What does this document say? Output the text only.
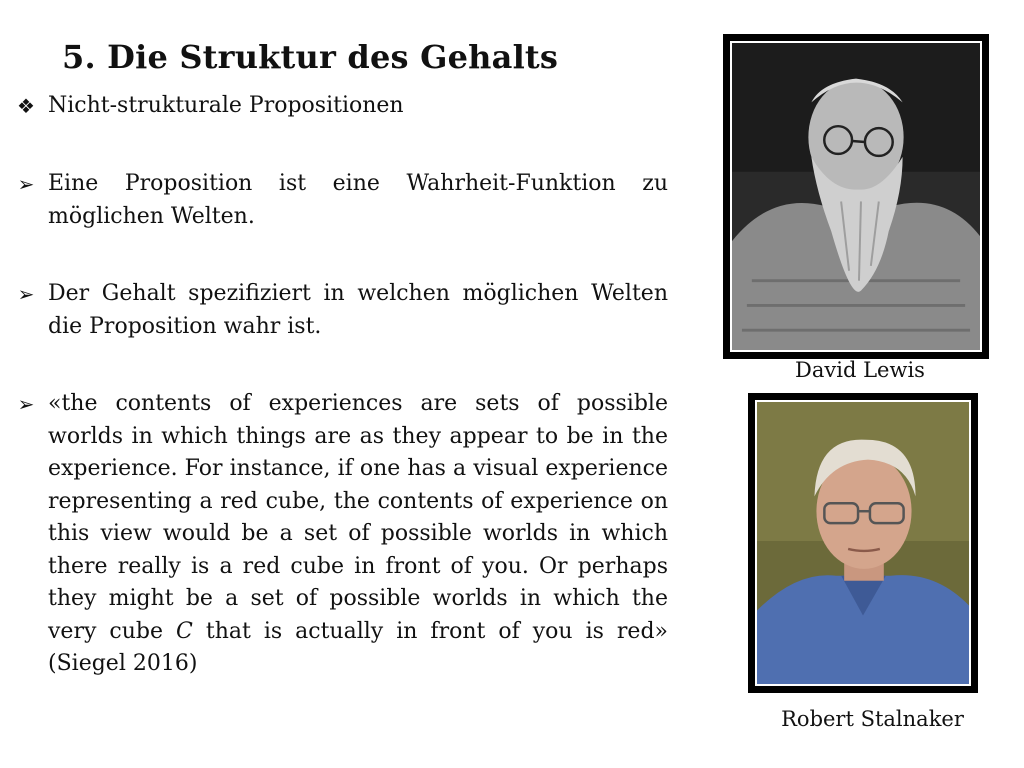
5. Die Struktur des Gehalts
❖ Nicht-strukturale Propositionen
➢ Eine Proposition ist eine Wahrheit-Funktion zu möglichen Welten.
➢ Der Gehalt spezifiziert in welchen möglichen Welten die Proposition wahr ist.
➢ «the contents of experiences are sets of possible worlds in which things are as they appear to be in the experience. For instance, if one has a visual experience representing a red cube, the contents of experience on this view would be a set of possible worlds in which there really is a red cube in front of you. Or perhaps they might be a set of possible worlds in which the very cube C that is actually in front of you is red» (Siegel 2016)
David Lewis
Robert Stalnaker
